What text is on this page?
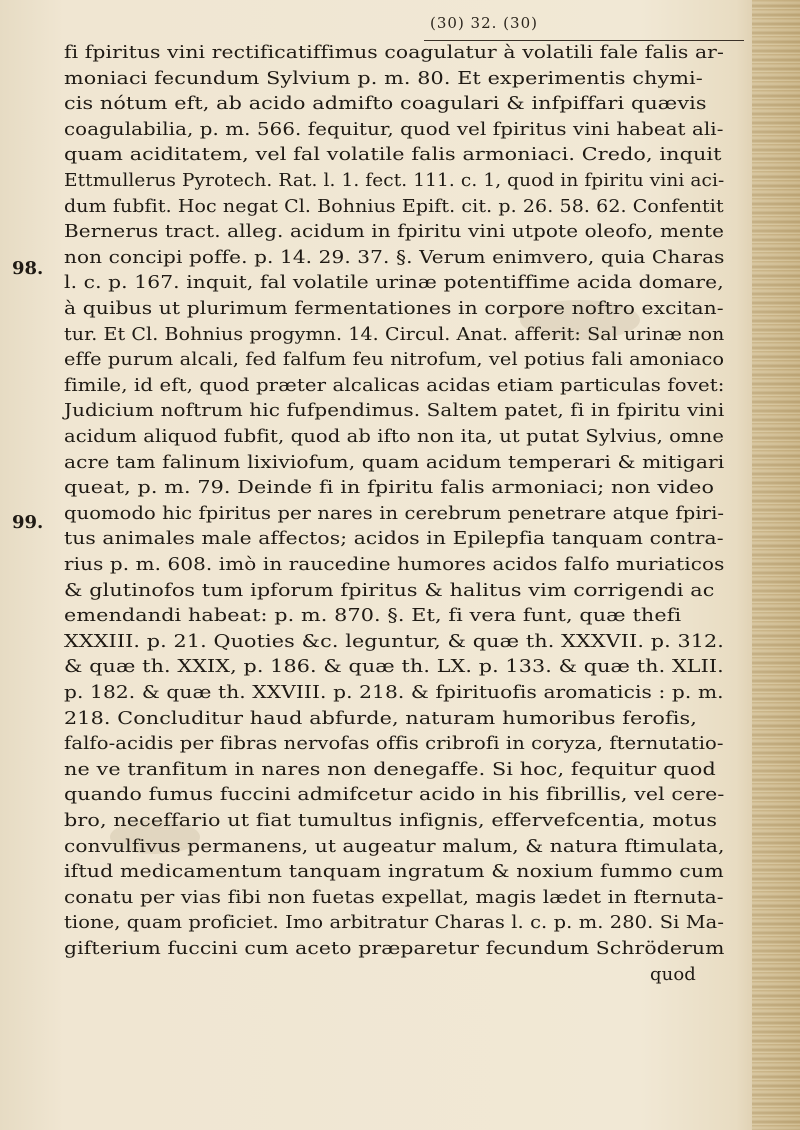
(30) 32. (30)
98.
99.
fi fpiritus vini rectificatiffimus coagulatur à volatili fale falis ar-
moniaci fecundum Sylvium p. m. 80. Et experimentis chymi-
cis nótum eft, ab acido admifto coagulari & infpiffari quævis
coagulabilia, p. m. 566. fequitur, quod vel fpiritus vini habeat ali-
quam aciditatem, vel fal volatile falis armoniaci. Credo, inquit
Ettmullerus Pyrotech. Rat. l. 1. fect. 111. c. 1, quod in fpiritu vini aci-
dum fubfit. Hoc negat Cl. Bohnius Epift. cit. p. 26. 58. 62. Confentit
Bernerus tract. alleg. acidum in fpiritu vini utpote oleofo, mente
non concipi poffe. p. 14. 29. 37. §. Verum enimvero, quia Charas
l. c. p. 167. inquit, fal volatile urinæ potentiffime acida domare,
à quibus ut plurimum fermentationes in corpore noftro excitan-
tur. Et Cl. Bohnius progymn. 14. Circul. Anat. afferit: Sal urinæ non
effe purum alcali, fed falfum feu nitrofum, vel potius fali amoniaco
fimile, id eft, quod præter alcalicas acidas etiam particulas fovet:
Judicium noftrum hic fufpendimus. Saltem patet, fi in fpiritu vini
acidum aliquod fubfit, quod ab ifto non ita, ut putat Sylvius, omne
acre tam falinum lixiviofum, quam acidum temperari & mitigari
queat, p. m. 79. Deinde fi in fpiritu falis armoniaci; non video
quomodo hic fpiritus per nares in cerebrum penetrare atque fpiri-
tus animales male affectos; acidos in Epilepfia tanquam contra-
rius p. m. 608. imò in raucedine humores acidos falfo muriaticos
& glutinofos tum ipforum fpiritus & halitus vim corrigendi ac
emendandi habeat: p. m. 870. §. Et, fi vera funt, quæ thefi
XXXIII. p. 21. Quoties &c. leguntur, & quæ th. XXXVII. p. 312.
& quæ th. XXIX, p. 186. & quæ th. LX. p. 133. & quæ th. XLII.
p. 182. & quæ th. XXVIII. p. 218. & fpirituofis aromaticis : p. m.
218. Concluditur haud abfurde, naturam humoribus ferofis,
falfo-acidis per fibras nervofas offis cribrofi in coryza, fternutatio-
ne ve tranfitum in nares non denegaffe. Si hoc, fequitur quod
quando fumus fuccini admifcetur acido in his fibrillis, vel cere-
bro, neceffario ut fiat tumultus infignis, effervefcentia, motus
convulfivus permanens, ut augeatur malum, & natura ftimulata,
iftud medicamentum tanquam ingratum & noxium fummo cum
conatu per vias fibi non fuetas expellat, magis lædet in fternuta-
tione, quam proficiet. Imo arbitratur Charas l. c. p. m. 280. Si Ma-
gifterium fuccini cum aceto præparetur fecundum Schröderum
quod
